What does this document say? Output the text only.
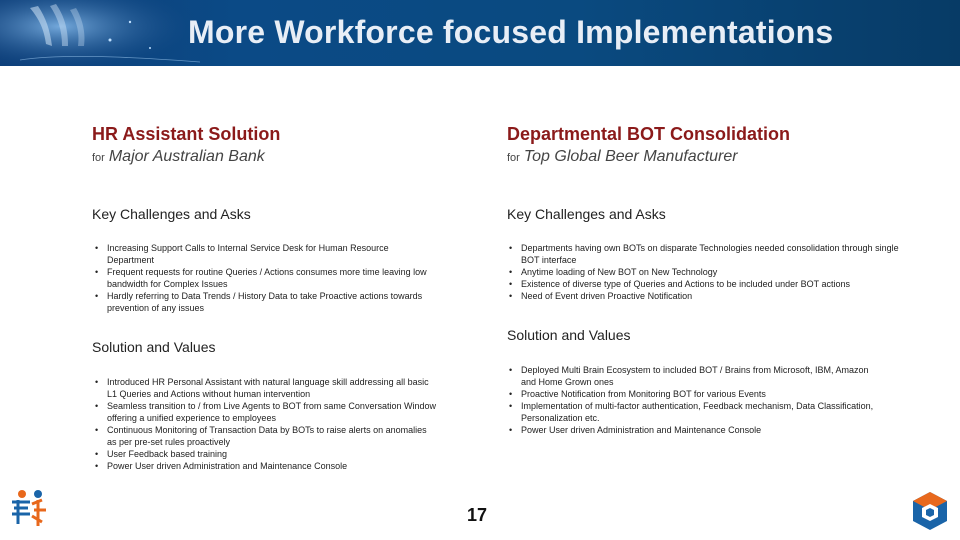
More Workforce focused Implementations
HR Assistant Solution
for Major Australian Bank
Key Challenges and Asks
• Increasing Support Calls to Internal Service Desk for Human Resource Department
• Frequent requests for routine Queries / Actions consumes more time leaving low bandwidth for Complex Issues
• Hardly referring to Data Trends / History Data to take Proactive actions towards prevention of any issues
Solution and Values
• Introduced HR Personal Assistant with natural language skill addressing all basic L1 Queries and Actions without human intervention
• Seamless transition to / from Live Agents to BOT from same Conversation Window offering a unified experience to employees
• Continuous Monitoring of Transaction Data by BOTs to raise alerts on anomalies as per pre-set rules proactively
• User Feedback based training
• Power User driven Administration and Maintenance Console
Departmental BOT Consolidation
for Top Global Beer Manufacturer
Key Challenges and Asks
• Departments having own BOTs on disparate Technologies needed consolidation through single BOT interface
• Anytime loading of New BOT on New Technology
• Existence of diverse type of Queries and Actions to be included under BOT actions
• Need of Event driven Proactive Notification
Solution and Values
• Deployed Multi Brain Ecosystem to included BOT / Brains from Microsoft, IBM, Amazon and Home Grown ones
• Proactive Notification from Monitoring BOT for various Events
• Implementation of multi-factor authentication, Feedback mechanism, Data Classification, Personalization etc.
• Power User driven Administration and Maintenance Console
17
